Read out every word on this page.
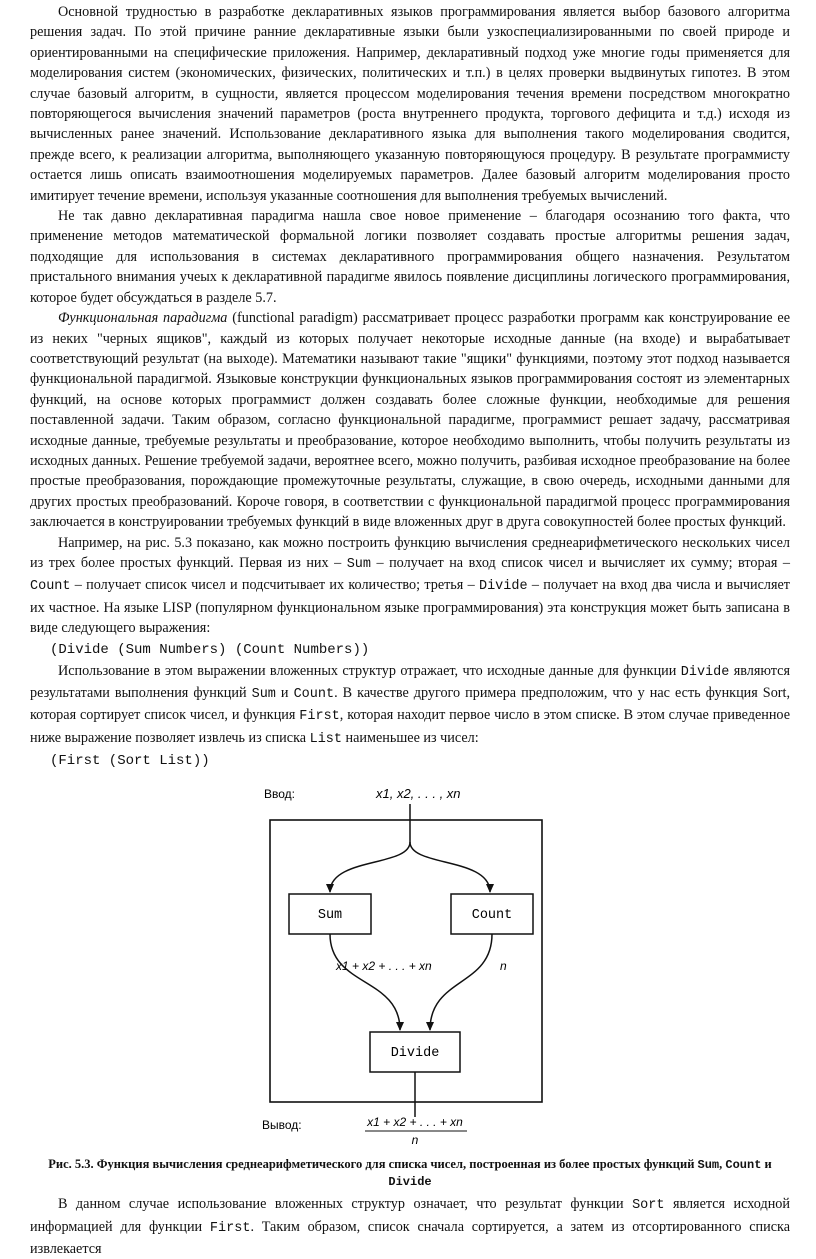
Основной трудностью в разработке декларативных языков программирования является выбор базового алгоритма решения задач. По этой причине ранние декларативные языки были узкоспециализированными по своей природе и ориентированными на специфические приложения. Например, декларативный подход уже многие годы применяется для моделирования систем (экономических, физических, политических и т.п.) в целях проверки выдвинутых гипотез. В этом случае базовый алгоритм, в сущности, является процессом моделирования течения времени посредством многократно повторяющегося вычисления значений параметров (роста внутреннего продукта, торгового дефицита и т.д.) исходя из вычисленных ранее значений. Использование декларативного языка для выполнения такого моделирования сводится, прежде всего, к реализации алгоритма, выполняющего указанную повторяющуюся процедуру. В результате программисту остается лишь описать взаимоотношения моделируемых параметров. Далее базовый алгоритм моделирования просто имитирует течение времени, используя указанные соотношения для выполнения требуемых вычислений.

Не так давно декларативная парадигма нашла свое новое применение – благодаря осознанию того факта, что применение методов математической формальной логики позволяет создавать простые алгоритмы решения задач, подходящие для использования в системах декларативного программирования общего назначения. Результатом пристального внимания учеых к декларативной парадигме явилось появление дисциплины логического программирования, которое будет обсуждаться в разделе 5.7.

Функциональная парадигма (functional paradigm) рассматривает процесс разработки программ как конструирование ее из неких "черных ящиков", каждый из которых получает некоторые исходные данные (на входе) и вырабатывает соответствующий результат (на выходе). Математики называют такие "ящики" функциями, поэтому этот подход называется функциональной парадигмой. Языковые конструкции функциональных языков программирования состоят из элементарных функций, на основе которых программист должен создавать более сложные функции, необходимые для решения поставленной задачи. Таким образом, согласно функциональной парадигме, программист решает задачу, рассматривая исходные данные, требуемые результаты и преобразование, которое необходимо выполнить, чтобы получить результаты из исходных данных. Решение требуемой задачи, вероятнее всего, можно получить, разбивая исходное преобразование на более простые преобразования, порождающие промежуточные результаты, служащие, в свою очередь, исходными данными для других простых преобразований. Короче говоря, в соответствии с функциональной парадигмой процесс программирования заключается в конструировании требуемых функций в виде вложенных друг в друга совокупностей более простых функций.

Например, на рис. 5.3 показано, как можно построить функцию вычисления среднеарифметического нескольких чисел из трех более простых функций. Первая из них – Sum – получает на вход список чисел и вычисляет их сумму; вторая – Count – получает список чисел и подсчитывает их количество; третья – Divide – получает на вход два числа и вычисляет их частное. На языке LISP (популярном функциональном языке программирования) эта конструкция может быть записана в виде следующего выражения:

(Divide (Sum Numbers) (Count Numbers))

Использование в этом выражении вложенных структур отражает, что исходные данные для функции Divide являются результатами выполнения функций Sum и Count. В качестве другого примера предположим, что у нас есть функция Sort, которая сортирует список чисел, и функция First, которая находит первое число в этом списке. В этом случае приведенное ниже выражение позволяет извлечь из списка List наименьшее из чисел:

(First (Sort List))
Ввод:	x1, x2, . . . , xn
Sum	Count
x1 + x2 + . . . + xn	n
Divide
Вывод:	x1 + x2 + . . . + xn
n
Рис. 5.3. Функция вычисления среднеарифметического для списка чисел, построенная из более простых функций Sum, Count и Divide

В данном случае использование вложенных структур означает, что результат функции Sort является исходной информацией для функции First. Таким образом, список сначала сортируется, а затем из отсортированного списка извлекается
